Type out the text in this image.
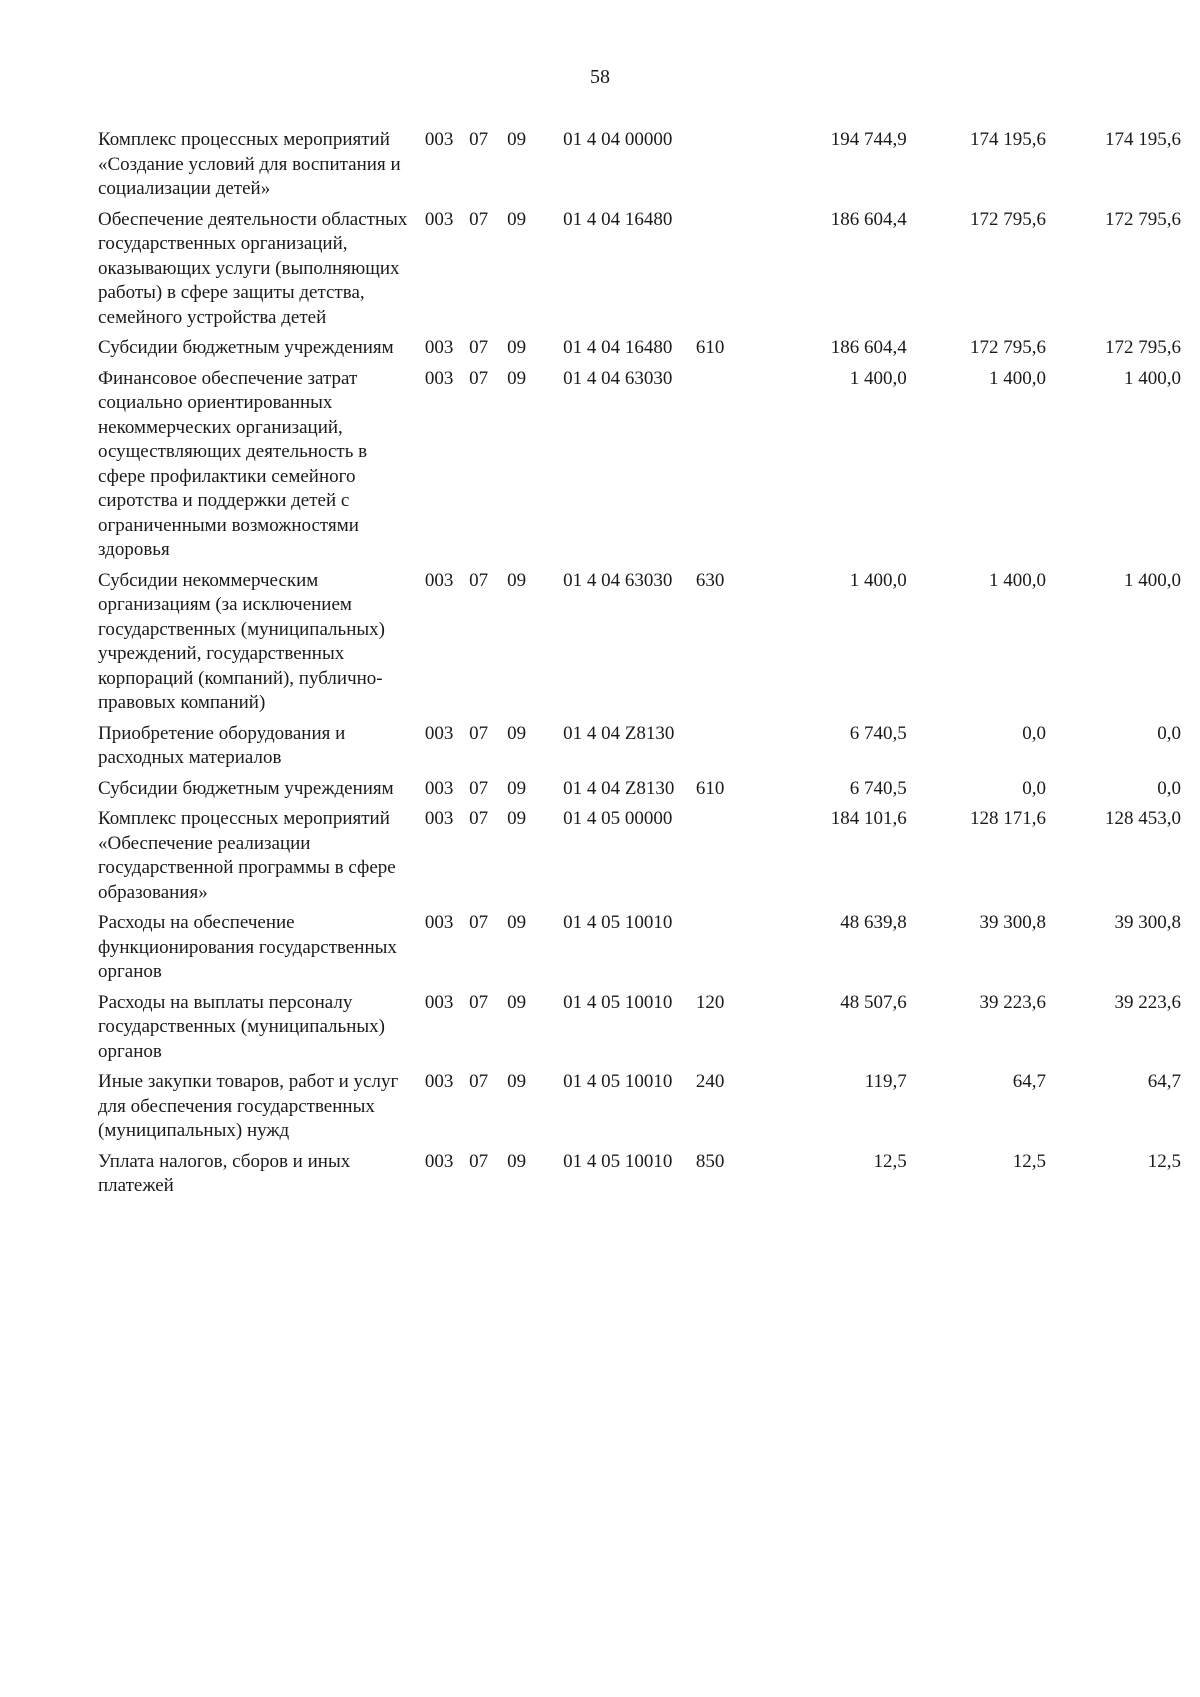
58
Комплекс процессных мероприятий «Создание условий для воспитания и социализации детей»	003	07	09	01 4 04 00000		194 744,9	174 195,6	174 195,6
Обеспечение деятельности областных государственных организаций, оказывающих услуги (выполняющих работы) в сфере защиты детства, семейного устройства детей	003	07	09	01 4 04 16480		186 604,4	172 795,6	172 795,6
Субсидии бюджетным учреждениям	003	07	09	01 4 04 16480	610	186 604,4	172 795,6	172 795,6
Финансовое обеспечение затрат социально ориентированных некоммерческих организаций, осуществляющих деятельность в сфере профилактики семейного сиротства и поддержки детей с ограниченными возможностями здоровья	003	07	09	01 4 04 63030		1 400,0	1 400,0	1 400,0
Субсидии некоммерческим организациям (за исключением государственных (муниципальных) учреждений, государственных корпораций (компаний), публично-правовых компаний)	003	07	09	01 4 04 63030	630	1 400,0	1 400,0	1 400,0
Приобретение оборудования и расходных материалов	003	07	09	01 4 04 Z8130		6 740,5	0,0	0,0
Субсидии бюджетным учреждениям	003	07	09	01 4 04 Z8130	610	6 740,5	0,0	0,0
Комплекс процессных мероприятий «Обеспечение реализации государственной программы в сфере образования»	003	07	09	01 4 05 00000		184 101,6	128 171,6	128 453,0
Расходы на обеспечение функционирования государственных органов	003	07	09	01 4 05 10010		48 639,8	39 300,8	39 300,8
Расходы на выплаты персоналу государственных (муниципальных) органов	003	07	09	01 4 05 10010	120	48 507,6	39 223,6	39 223,6
Иные закупки товаров, работ и услуг для обеспечения государственных (муниципальных) нужд	003	07	09	01 4 05 10010	240	119,7	64,7	64,7
Уплата налогов, сборов и иных платежей	003	07	09	01 4 05 10010	850	12,5	12,5	12,5
